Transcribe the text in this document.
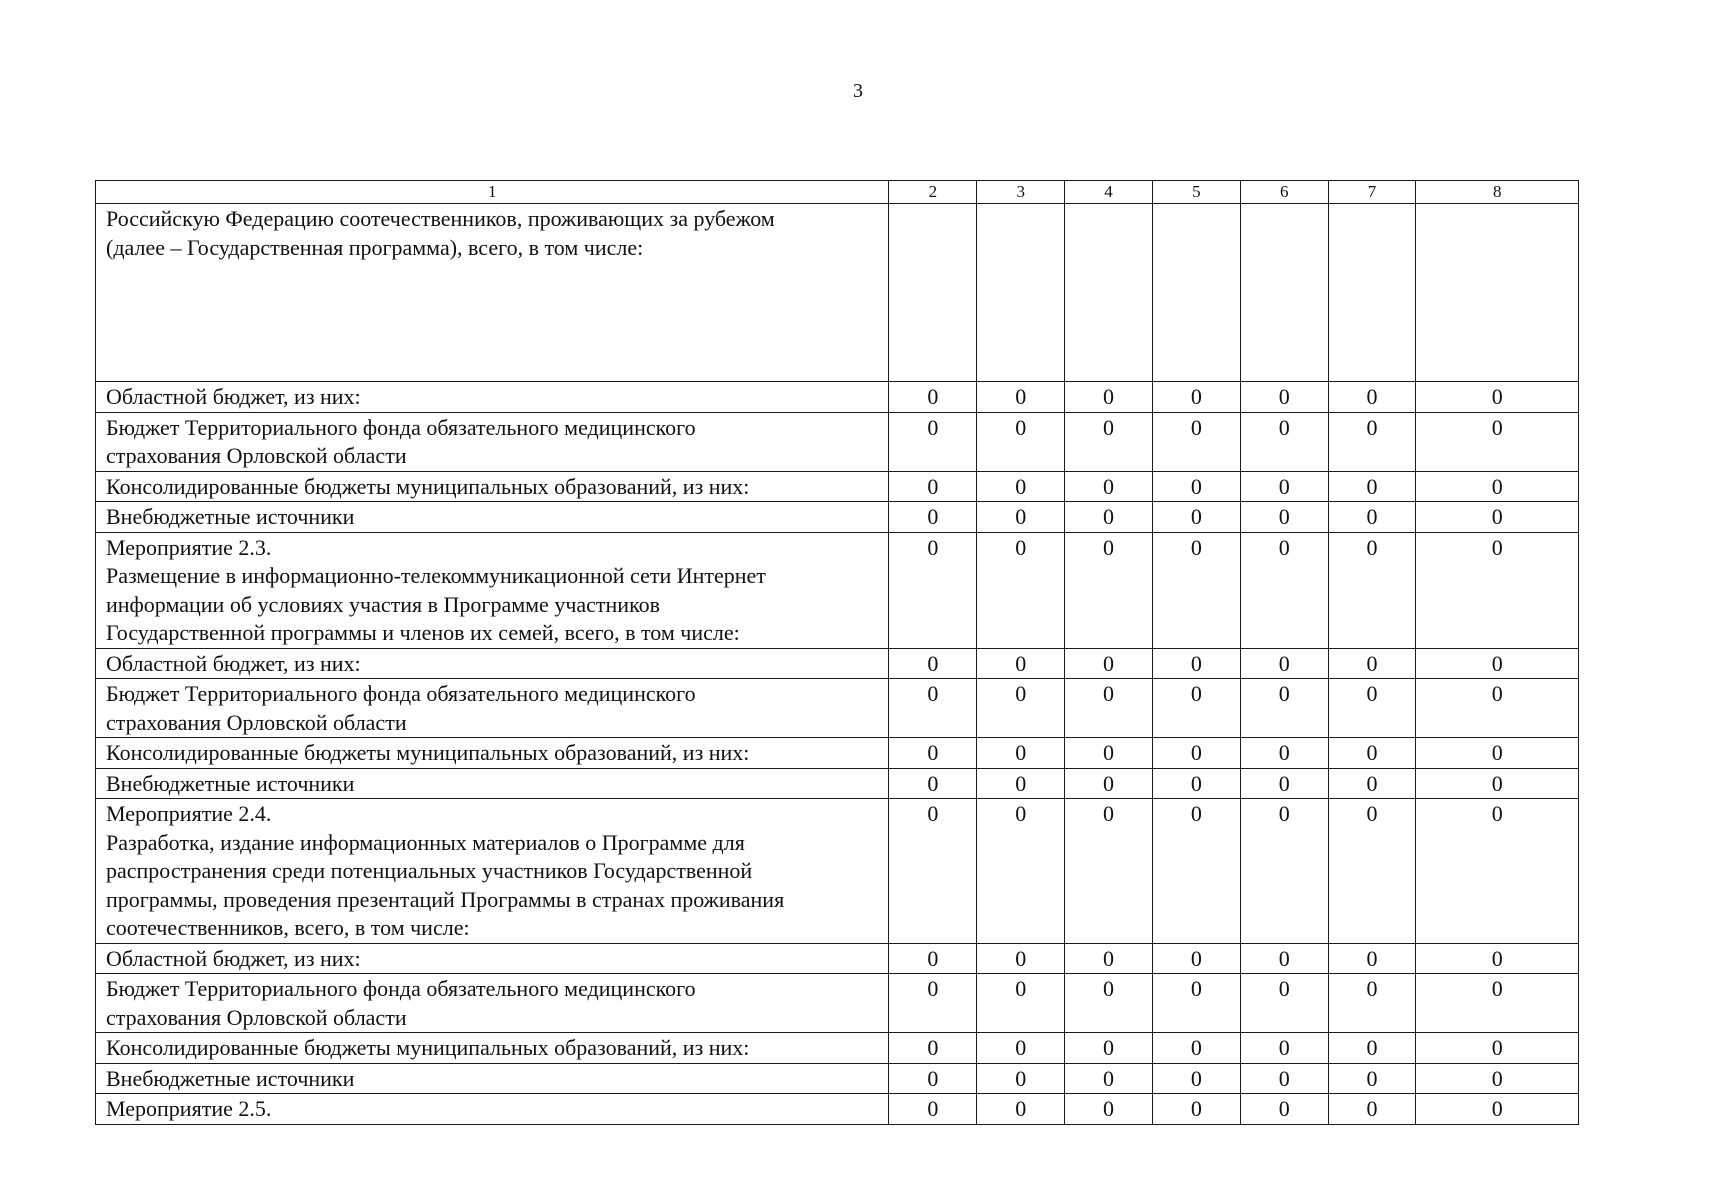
3
1	2	3	4	5	6	7	8

Российскую Федерацию соотечественников, проживающих за рубежом
(далее – Государственная программа), всего, в том числе:							

Областной бюджет, из них:	0	0	0	0	0	0	0

Бюджет Территориального фонда обязательного медицинского
страхования Орловской области	0	0	0	0	0	0	0

Консолидированные бюджеты муниципальных образований, из них:	0	0	0	0	0	0	0

Внебюджетные источники	0	0	0	0	0	0	0

Мероприятие 2.3.
Размещение в информационно-телекоммуникационной сети Интернет
информации об условиях участия в Программе участников
Государственной программы и членов их семей, всего, в том числе:	0	0	0	0	0	0	0

Областной бюджет, из них:	0	0	0	0	0	0	0

Бюджет Территориального фонда обязательного медицинского
страхования Орловской области	0	0	0	0	0	0	0

Консолидированные бюджеты муниципальных образований, из них:	0	0	0	0	0	0	0

Внебюджетные источники	0	0	0	0	0	0	0

Мероприятие 2.4.
Разработка, издание информационных материалов о Программе для
распространения среди потенциальных участников Государственной
программы, проведения презентаций Программы в странах проживания
соотечественников, всего, в том числе:	0	0	0	0	0	0	0

Областной бюджет, из них:	0	0	0	0	0	0	0

Бюджет Территориального фонда обязательного медицинского
страхования Орловской области	0	0	0	0	0	0	0

Консолидированные бюджеты муниципальных образований, из них:	0	0	0	0	0	0	0

Внебюджетные источники	0	0	0	0	0	0	0

Мероприятие 2.5.	0	0	0	0	0	0	0
